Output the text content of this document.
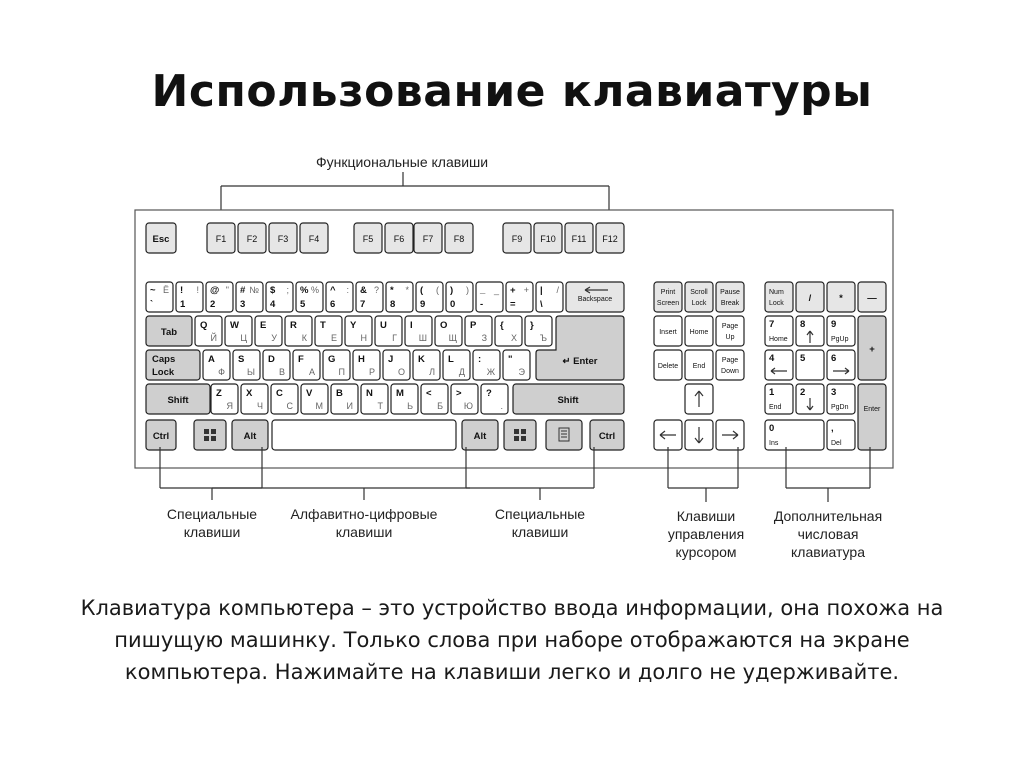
Использование клавиатуры
Функциональные клавиши
Esc	F1 F2 F3 F4	F5 F6 F7 F8	F9 F10 F11 F12
~
`
Ё !
1
! @
2
" #
3
№ $
4
; %
5
% ^
6
: &
7
? *
8
* (
9
( )
0
) _
-
_ +
=
+ |
\
/
Backspace
Tab
Q
Й
W
Ц
E
У
R
К
T
Е
Y
Н
U
Г
I
Ш
O
Щ
P
З
{
Х
}
Ъ
Caps
Lock
A
Ф
S
Ы
D
В
F
А
G
П
H
Р
J
О
K
Л
L
Д
:
Ж
"
Э
↵ Enter
Shift
Z
Я
X
Ч
C
С
V
М
B
И
N
Т
M
Ь
<
Б
>
Ю
?
.	Shift
Ctrl	Alt	Alt	Ctrl
Print
Screen
Scroll
Lock
Pause
Break
Insert Home
Page
Up
Delete End
Page
Down
Num
Lock	/	*	—
7
Home
8	9
PgUp
+
4	5	6
1
End
2	3
PgDn Enter
0
Ins
,
Del
Специальные
клавиши
Алфавитно-цифровые
клавиши
Специальные
клавиши
Клавиши
управления
курсором
Дополнительная
числовая
клавиатура
Клавиатура компьютера – это устройство ввода информации, она похожа на пишущую машинку. Только слова при наборе отображаются на экране компьютера. Нажимайте на клавиши легко и долго не удерживайте.
